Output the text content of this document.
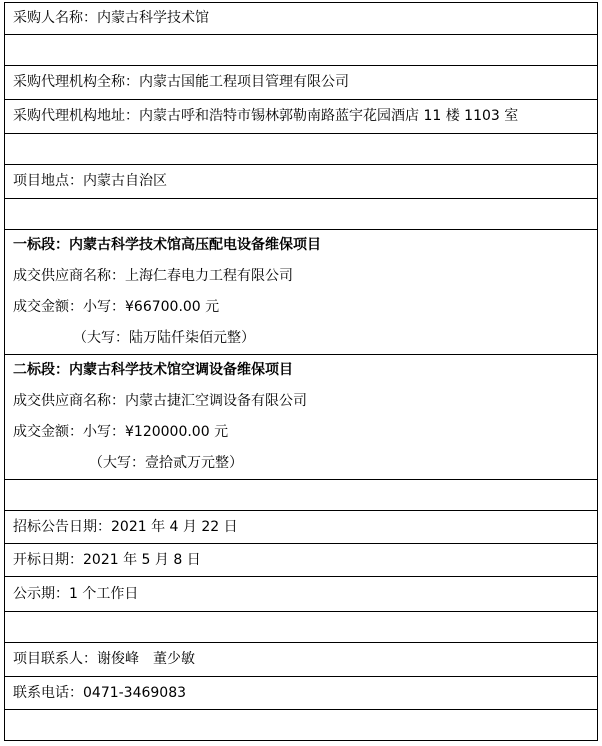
采购人名称：内蒙古科学技术馆
采购代理机构全称：内蒙古国能工程项目管理有限公司
采购代理机构地址：内蒙古呼和浩特市锡林郭勒南路蓝宇花园酒店 11 楼 1103 室
项目地点：内蒙古自治区
一标段：内蒙古科学技术馆高压配电设备维保项目
成交供应商名称：上海仁春电力工程有限公司
成交金额：小写：¥66700.00 元
（大写：陆万陆仟柒佰元整）
二标段：内蒙古科学技术馆空调设备维保项目
成交供应商名称：内蒙古捷汇空调设备有限公司
成交金额：小写：¥120000.00 元
（大写：壹拾贰万元整）
招标公告日期：2021 年 4 月 22 日
开标日期：2021 年 5 月 8 日
公示期：1 个工作日
项目联系人：谢俊峰　董少敏
联系电话：0471-3469083
